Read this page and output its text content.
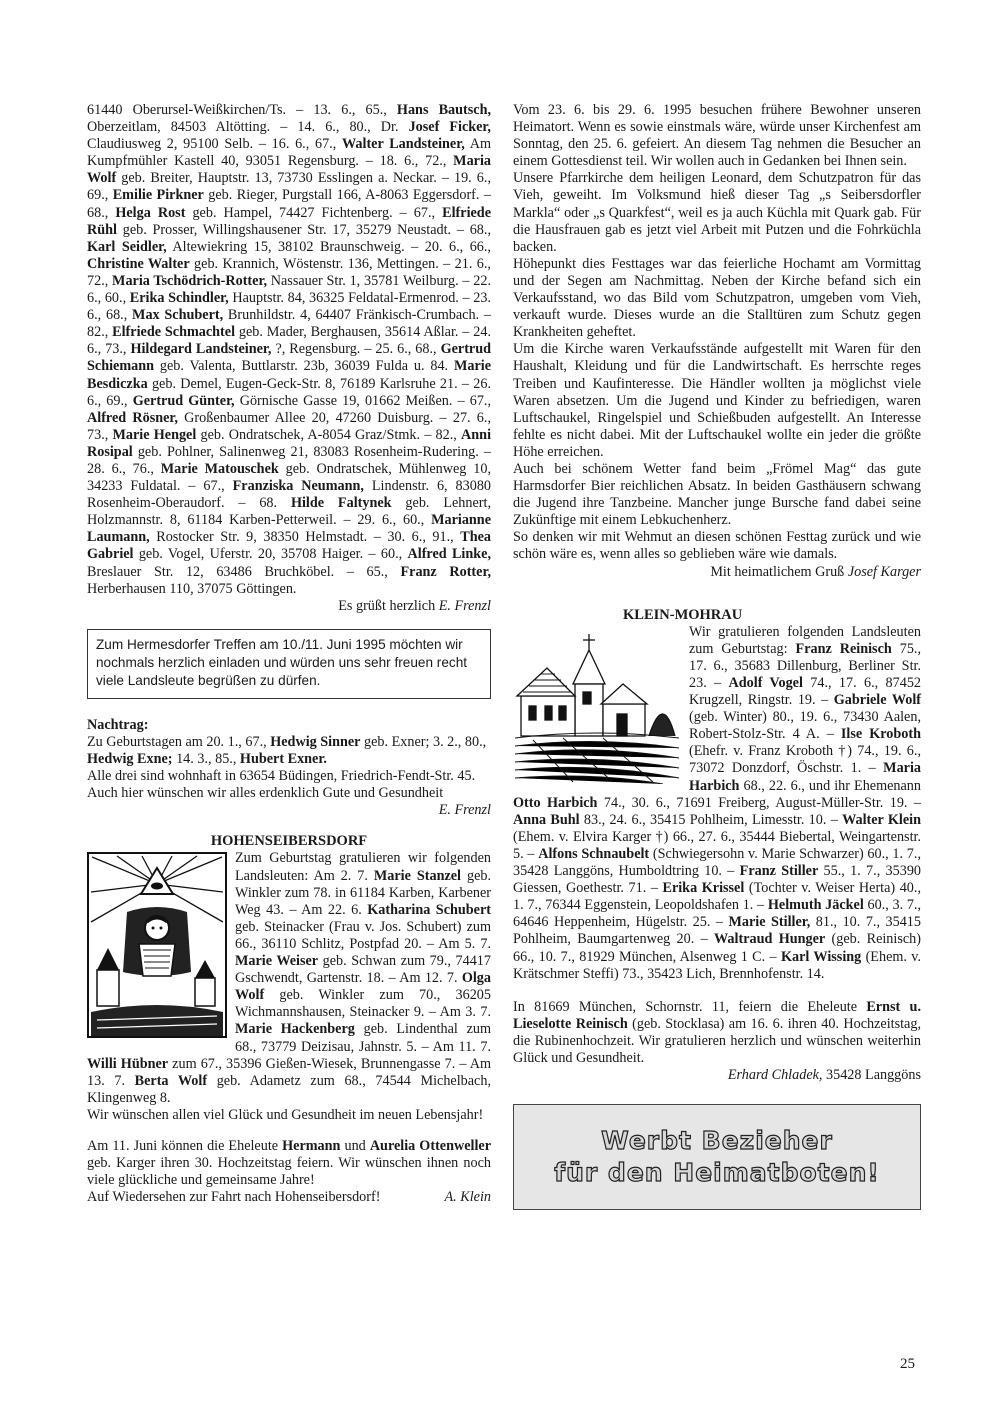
61440 Oberursel-Weißkirchen/Ts. – 13. 6., 65., Hans Bautsch, Oberzeitlam, 84503 Altötting. – 14. 6., 80., Dr. Josef Ficker, Claudiusweg 2, 95100 Selb. – 16. 6., 67., Walter Landsteiner, Am Kumpfmühler Kastell 40, 93051 Regensburg. – 18. 6., 72., Maria Wolf geb. Breiter, Hauptstr. 13, 73730 Esslingen a. Neckar. – 19. 6., 69., Emilie Pirkner geb. Rieger, Purgstall 166, A-8063 Eggersdorf. – 68., Helga Rost geb. Hampel, 74427 Fichtenberg. – 67., Elfriede Rühl geb. Prosser, Willingshausener Str. 17, 35279 Neustadt. – 68., Karl Seidler, Altewiekring 15, 38102 Braunschweig. – 20. 6., 66., Christine Walter geb. Krannich, Wöstenstr. 136, Mettingen. – 21. 6., 72., Maria Tschödrich-Rotter, Nassauer Str. 1, 35781 Weilburg. – 22. 6., 60., Erika Schindler, Hauptstr. 84, 36325 Feldatal-Ermenrod. – 23. 6., 68., Max Schubert, Brunhildstr. 4, 64407 Fränkisch-Crumbach. – 82., Elfriede Schmachtel geb. Mader, Berghausen, 35614 Aßlar. – 24. 6., 73., Hildegard Landsteiner, ?, Regensburg. – 25. 6., 68., Gertrud Schiemann geb. Valenta, Buttlarstr. 23b, 36039 Fulda u. 84. Marie Besdiczka geb. Demel, Eugen-Geck-Str. 8, 76189 Karlsruhe 21. – 26. 6., 69., Gertrud Günter, Görnische Gasse 19, 01662 Meißen. – 67., Alfred Rösner, Großenbaumer Allee 20, 47260 Duisburg. – 27. 6., 73., Marie Hengel geb. Ondratschek, A-8054 Graz/Stmk. – 82., Anni Rosipal geb. Pohlner, Salinenweg 21, 83083 Rosenheim-Rudering. – 28. 6., 76., Marie Matouschek geb. Ondratschek, Mühlenweg 10, 34233 Fuldatal. – 67., Franziska Neumann, Lindenstr. 6, 83080 Rosenheim-Oberaudorf. – 68. Hilde Faltynek geb. Lehnert, Holzmannstr. 8, 61184 Karben-Petterweil. – 29. 6., 60., Marianne Laumann, Rostocker Str. 9, 38350 Helmstadt. – 30. 6., 91., Thea Gabriel geb. Vogel, Uferstr. 20, 35708 Haiger. – 60., Alfred Linke, Breslauer Str. 12, 63486 Bruchköbel. – 65., Franz Rotter, Herberhausen 110, 37075 Göttingen.

Es grüßt herzlich E. Frenzl

Zum Hermesdorfer Treffen am 10./11. Juni 1995 möchten wir nochmals herzlich einladen und würden uns sehr freuen recht viele Landsleute begrüßen zu dürfen.

Nachtrag:

Zu Geburtstagen am 20. 1., 67., Hedwig Sinner geb. Exner; 3. 2., 80., Hedwig Exne; 14. 3., 85., Hubert Exner.

Alle drei sind wohnhaft in 63654 Büdingen, Friedrich-Fendt-Str. 45.

Auch hier wünschen wir alles erdenklich Gute und Gesundheit

E. Frenzl

HOHENSEIBERSDORF

Zum Geburtstag gratulieren wir folgenden Landsleuten: Am 2. 7. Marie Stanzel geb. Winkler zum 78. in 61184 Karben, Karbener Weg 43. – Am 22. 6. Katharina Schubert geb. Steinacker (Frau v. Jos. Schubert) zum 66., 36110 Schlitz, Postpfad 20. – Am 5. 7. Marie Weiser geb. Schwan zum 79., 74417 Gschwendt, Gartenstr. 18. – Am 12. 7. Olga Wolf geb. Winkler zum 70., 36205 Wichmannshausen, Steinacker 9. – Am 3. 7. Marie Hackenberg geb. Lindenthal zum 68., 73779 Deizisau, Jahnstr. 5. – Am 11. 7. Willi Hübner zum 67., 35396 Gießen-Wiesek, Brunnengasse 7. – Am 13. 7. Berta Wolf geb. Adametz zum 68., 74544 Michelbach, Klingenweg 8.

Wir wünschen allen viel Glück und Gesundheit im neuen Lebensjahr!

Am 11. Juni können die Eheleute Hermann und Aurelia Ottenweller geb. Karger ihren 30. Hochzeitstag feiern. Wir wünschen ihnen noch viele glückliche und gemeinsame Jahre!

Auf Wiedersehen zur Fahrt nach Hohenseibersdorf!	A. Klein

Vom 23. 6. bis 29. 6. 1995 besuchen frühere Bewohner unseren Heimatort. Wenn es sowie einstmals wäre, würde unser Kirchenfest am Sonntag, den 25. 6. gefeiert. An diesem Tag nehmen die Besucher an einem Gottesdienst teil. Wir wollen auch in Gedanken bei Ihnen sein.

Unsere Pfarrkirche dem heiligen Leonard, dem Schutzpatron für das Vieh, geweiht. Im Volksmund hieß dieser Tag „s Seibersdorfler Markla“ oder „s Quarkfest“, weil es ja auch Küchla mit Quark gab. Für die Hausfrauen gab es jetzt viel Arbeit mit Putzen und die Fohrküchla backen.

Höhepunkt dies Festtages war das feierliche Hochamt am Vormittag und der Segen am Nachmittag. Neben der Kirche befand sich ein Verkaufsstand, wo das Bild vom Schutzpatron, umgeben vom Vieh, verkauft wurde. Dieses wurde an die Stalltüren zum Schutz gegen Krankheiten geheftet.

Um die Kirche waren Verkaufsstände aufgestellt mit Waren für den Haushalt, Kleidung und für die Landwirtschaft. Es herrschte reges Treiben und Kaufinteresse. Die Händler wollten ja möglichst viele Waren absetzen. Um die Jugend und Kinder zu befriedigen, waren Luftschaukel, Ringelspiel und Schießbuden aufgestellt. An Interesse fehlte es nicht dabei. Mit der Luftschaukel wollte ein jeder die größte Höhe erreichen.

Auch bei schönem Wetter fand beim „Frömel Mag“ das gute Harmsdorfer Bier reichlichen Absatz. In beiden Gasthäusern schwang die Jugend ihre Tanzbeine. Mancher junge Bursche fand dabei seine Zukünftige mit einem Lebkuchenherz.

So denken wir mit Wehmut an diesen schönen Festtag zurück und wie schön wäre es, wenn alles so geblieben wäre wie damals.

Mit heimatlichem Gruß Josef Karger

KLEIN-MOHRAU

Wir gratulieren folgenden Landsleuten zum Geburtstag: Franz Reinisch 75., 17. 6., 35683 Dillenburg, Berliner Str. 23. – Adolf Vogel 74., 17. 6., 87452 Krugzell, Ringstr. 19. – Gabriele Wolf (geb. Winter) 80., 19. 6., 73430 Aalen, Robert-Stolz-Str. 4 A. – Ilse Kroboth (Ehefr. v. Franz Kroboth †) 74., 19. 6., 73072 Donzdorf, Öschstr. 1. – Maria Harbich 68., 22. 6., und ihr Ehemenann Otto Harbich 74., 30. 6., 71691 Freiberg, August-Müller-Str. 19. – Anna Buhl 83., 24. 6., 35415 Pohlheim, Limesstr. 10. – Walter Klein (Ehem. v. Elvira Karger †) 66., 27. 6., 35444 Biebertal, Weingartenstr. 5. – Alfons Schnaubelt (Schwiegersohn v. Marie Schwarzer) 60., 1. 7., 35428 Langgöns, Humboldtring 10. – Franz Stiller 55., 1. 7., 35390 Giessen, Goethestr. 71. – Erika Krissel (Tochter v. Weiser Herta) 40., 1. 7., 76344 Eggenstein, Leopoldshafen 1. – Helmuth Jäckel 60., 3. 7., 64646 Heppenheim, Hügelstr. 25. – Marie Stiller, 81., 10. 7., 35415 Pohlheim, Baumgartenweg 20. – Waltraud Hunger (geb. Reinisch) 66., 10. 7., 81929 München, Alsenweg 1 C. – Karl Wissing (Ehem. v. Krätschmer Steffi) 73., 35423 Lich, Brennhofenstr. 14.

In 81669 München, Schornstr. 11, feiern die Eheleute Ernst u. Lieselotte Reinisch (geb. Stocklasa) am 16. 6. ihren 40. Hochzeitstag, die Rubinenhochzeit. Wir gratulieren herzlich und wünschen weiterhin Glück und Gesundheit.

Erhard Chladek, 35428 Langgöns

Werbt Bezieher
für den Heimatboten!
25
